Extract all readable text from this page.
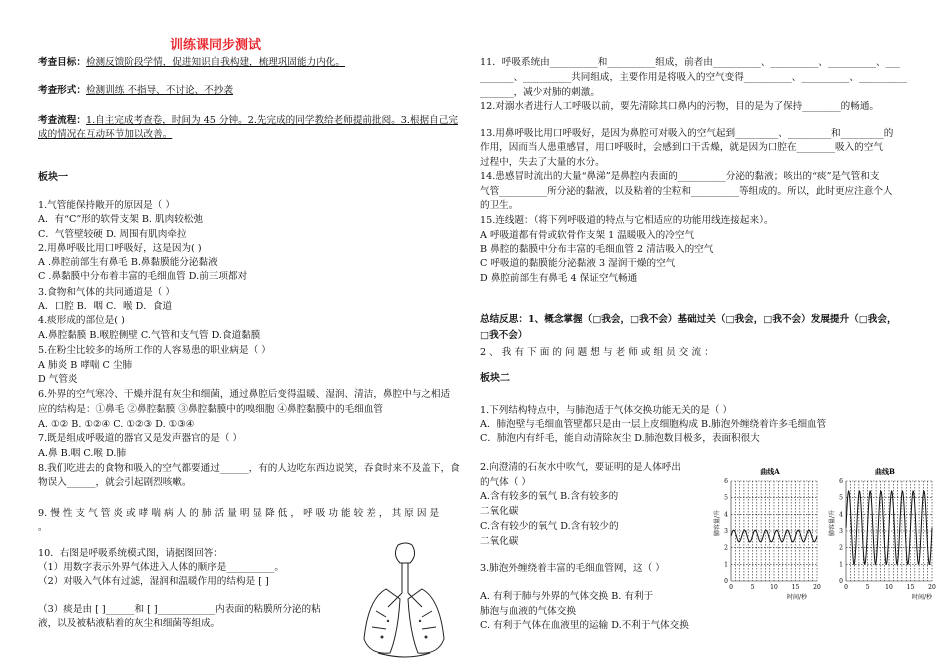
训练课同步测试
考查目标：检测反馈阶段学情，促进知识自我构建，梳理巩固能力内化。
考查形式：检测训练 不指导、不讨论、不抄袭
考查流程：1.自主完成考查卷，时间为 45 分钟。2.先完成的同学教给老师提前批阅。3.根据自己完
成的情况在互动环节加以改善。
板块一
1.气管能保持敞开的原因是（ ）
A．有“C”形的软骨支架 B. 肌肉较松弛
C．气管壁较硬 D. 周围有肌肉牵拉
2.用鼻呼吸比用口呼吸好，这是因为( )
A .鼻腔前部生有鼻毛 B.鼻黏膜能分泌黏液
C .鼻黏膜中分布着丰富的毛细血管 D.前三项都对
3.食物和气体的共同通道是（ ）
A．口腔 B．咽 C．喉 D．食道
4.痰形成的部位是( )
A.鼻腔黏膜 B.喉腔侧壁 C.气管和支气管 D.食道黏膜
5.在粉尘比较多的场所工作的人容易患的职业病是（ ）
A 肺炎 B 哮喘 C 尘肺
D 气管炎
6.外界的空气寒冷、干燥并混有灰尘和细菌，通过鼻腔后变得温暖、湿润、清洁，鼻腔中与之相适
应的结构是：①鼻毛 ②鼻腔黏膜 ③鼻腔黏膜中的嗅细胞 ④鼻腔黏膜中的毛细血管
A. ①② B. ①②④ C. ①②③ D. ①③④
7.既是组成呼吸道的器官又是发声器官的是（ ）
A.鼻 B.咽 C.喉 D.肺
8.我们吃进去的食物和吸入的空气都要通过______，有的人边吃东西边说笑，吞食时来不及盖下，食
物误入______，就会引起剧烈咳嗽。
9. 慢 性 支 气 管 炎 或 哮 喘 病 人 的 肺 活 量 明 显 降 低 ， 呼 吸 功 能 较 差 ， 其 原 因 是
。
10．右图是呼吸系统模式图，请据图回答：
（1）用数字表示外界气体进入人体的顺序是__________。
（2）对吸入气体有过滤，湿润和温暖作用的结构是 [ ]
（3）痰是由 [ ]______和 [ ]____________内表面的粘膜所分泌的粘
液，以及被粘液粘着的灰尘和细菌等组成。
11．呼吸系统由__________和__________组成，前者由__________、__________、__________、___
_______、__________共同组成，主要作用是将吸入的空气变得__________、__________、__________
_______，减少对肺的刺激。
12.对溺水者进行人工呼吸以前，要先清除其口鼻内的污物，目的是为了保持________的畅通。
13.用鼻呼吸比用口呼吸好，是因为鼻腔可对吸入的空气起到_________、_________和_________的
作用，因而当人患重感冒，用口呼吸时，会感到口干舌燥，就是因为口腔在________吸入的空气
过程中，失去了大量的水分。
14.患感冒时流出的大量“鼻涕”是鼻腔内表面的__________分泌的黏液；咳出的“痰”是气管和支
气管__________所分泌的黏液，以及粘着的尘粒和__________等组成的。所以，此时更应注意个人
的卫生。
15.连线题：（将下列呼吸道的特点与它相适应的功能用线连接起来）。
A 呼吸道都有骨或软骨作支架 1 温暖吸入的冷空气
B 鼻腔的黏膜中分布丰富的毛细血管 2 清洁吸入的空气
C 呼吸道的黏膜能分泌黏液 3 湿润干燥的空气
D 鼻腔前部生有鼻毛 4 保证空气畅通
总结反思：1、概念掌握（□我会，□我不会）基础过关（□我会，□我不会）发展提升（□我会，
□我不会）
2 、 我 有 下 面 的 问 题 想 与 老 师 或 组 员 交 流 ：
板块二
1.下列结构特点中，与肺泡适于气体交换功能无关的是（ ）
A．肺泡壁与毛细血管壁都只是由一层上皮细胞构成 B.肺泡外缠绕着许多毛细血管
C．肺泡内有纤毛，能自动清除灰尘 D.肺泡数目极多，表面积很大
2.向澄清的石灰水中吹气，要证明的是人体呼出
的气体（ ）
A.含有较多的氧气 B.含有较多的
二氧化碳
C.含有较少的氧气 D.含有较少的
二氧化碳
3.肺泡外缠绕着丰富的毛细血管网，这（ ）
A. 有利于肺与外界的气体交换 B. 有利于
肺泡与血液的气体交换
C. 有利于气体在血液里的运输 D.不利于气体交换
曲线A
肺容量/升
0
1
2
3
4
5
6
0	5	10 15 20
时间/秒
曲线B
肺容量/升
0
1
2
3
4
5
6
0	5	10 15 20
时间/秒
